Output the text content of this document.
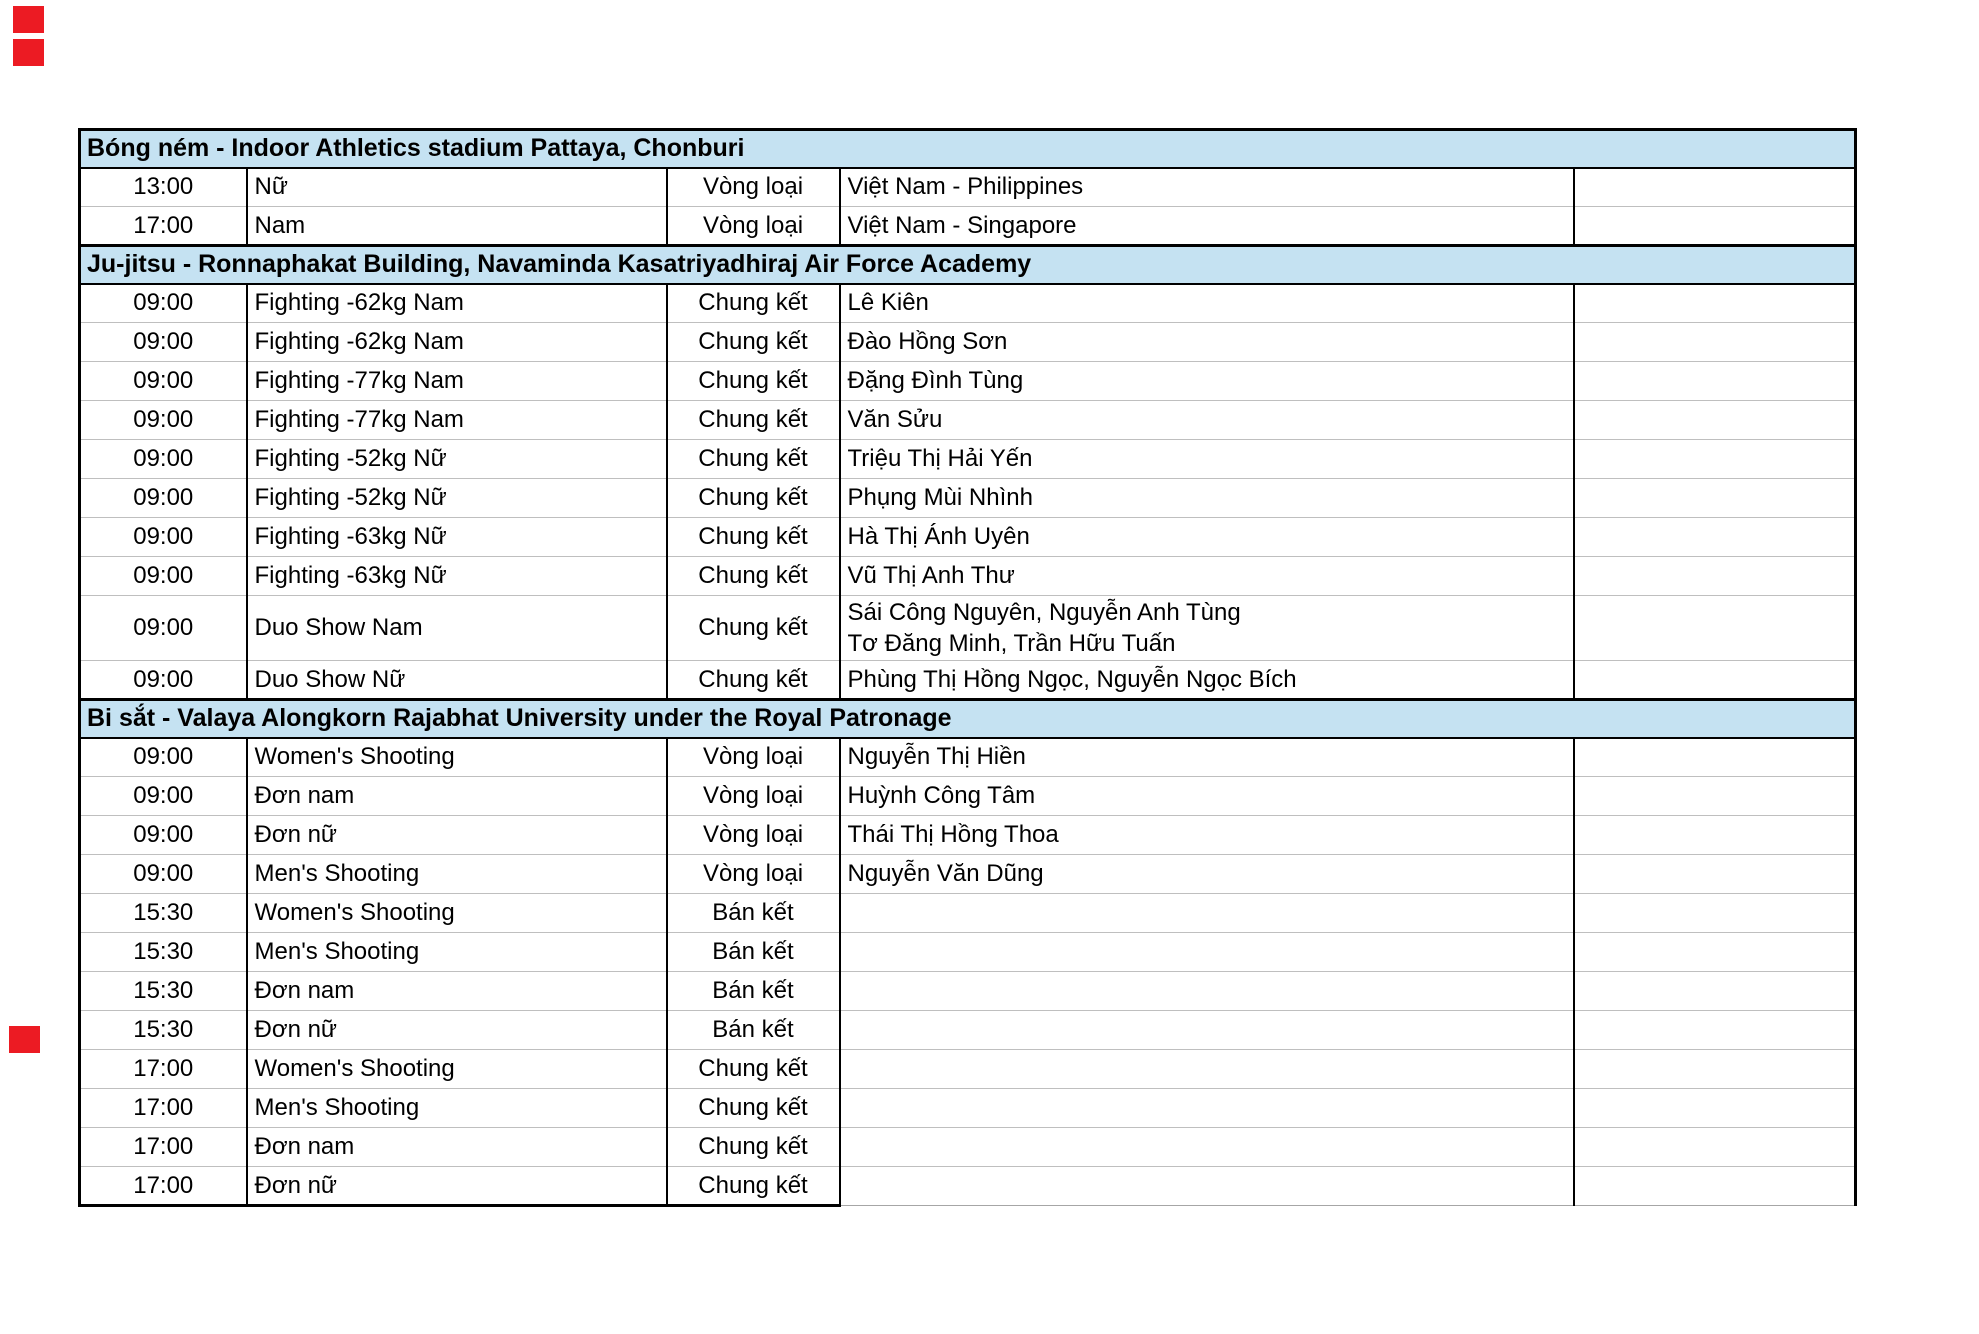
Bóng ném - Indoor Athletics stadium Pattaya, Chonburi				
13:00	Nữ	Vòng loại	Việt Nam - Philippines	
17:00	Nam	Vòng loại	Việt Nam - Singapore	
Ju-jitsu - Ronnaphakat Building, Navaminda Kasatriyadhiraj Air Force Academy				
09:00	Fighting -62kg Nam	Chung kết	Lê Kiên	
09:00	Fighting -62kg Nam	Chung kết	Đào Hồng Sơn	
09:00	Fighting -77kg Nam	Chung kết	Đặng Đình Tùng	
09:00	Fighting -77kg Nam	Chung kết	Văn Sửu	
09:00	Fighting -52kg Nữ	Chung kết	Triệu Thị Hải Yến	
09:00	Fighting -52kg Nữ	Chung kết	Phụng Mùi Nhình	
09:00	Fighting -63kg Nữ	Chung kết	Hà Thị Ánh Uyên	
09:00	Fighting -63kg Nữ	Chung kết	Vũ Thị Anh Thư	
09:00	Duo Show Nam	Chung kết	Sái Công Nguyên, Nguyễn Anh Tùng
Tơ Đăng Minh, Trần Hữu Tuấn	

09:00	Duo Show Nữ	Chung kết	Phùng Thị Hồng Ngọc, Nguyễn Ngọc Bích	
Bi sắt - Valaya Alongkorn Rajabhat University under the Royal Patronage				
09:00	Women's Shooting	Vòng loại	Nguyễn Thị Hiền	
09:00	Đơn nam	Vòng loại	Huỳnh Công Tâm	
09:00	Đơn nữ	Vòng loại	Thái Thị Hồng Thoa	
09:00	Men's Shooting	Vòng loại	Nguyễn Văn Dũng	
15:30	Women's Shooting	Bán kết		
15:30	Men's Shooting	Bán kết		
15:30	Đơn nam	Bán kết		
15:30	Đơn nữ	Bán kết		
17:00	Women's Shooting	Chung kết		
17:00	Men's Shooting	Chung kết		
17:00	Đơn nam	Chung kết		
17:00	Đơn nữ	Chung kết		
